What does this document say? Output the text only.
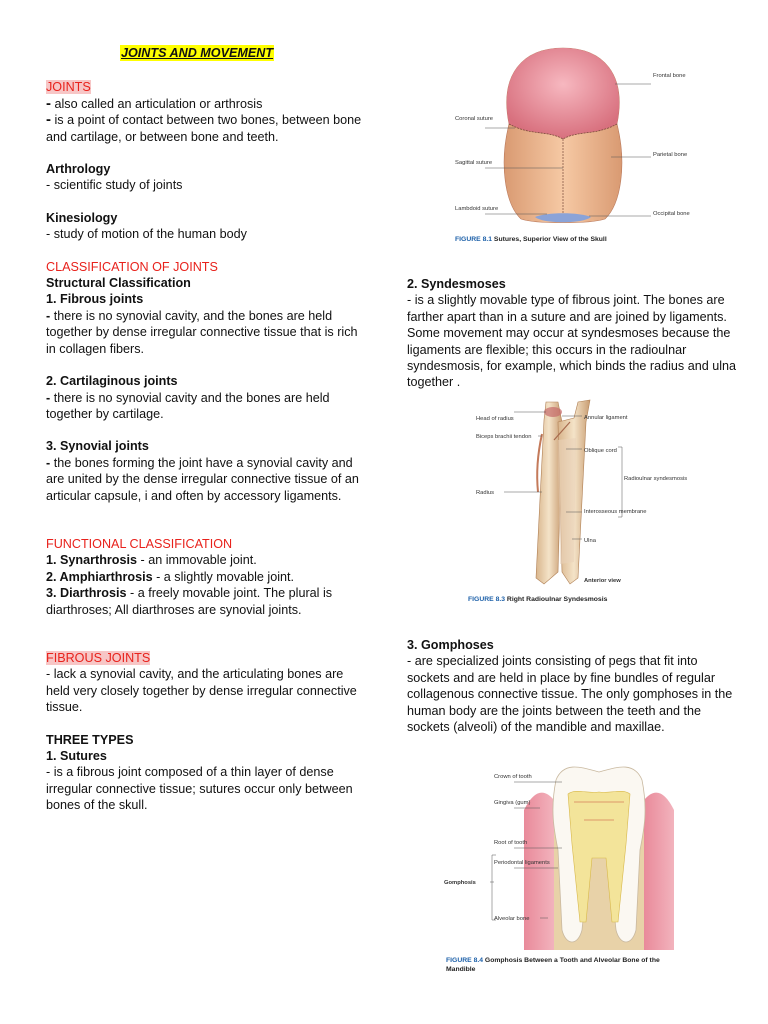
JOINTS AND MOVEMENT

JOINTS

- also called an articulation or arthrosis

- is a point of contact between two bones, between bone and cartilage, or between bone and teeth.

Arthrology

- scientific study of joints

Kinesiology

- study of motion of the human body

CLASSIFICATION OF JOINTS

Structural Classification

1. Fibrous joints

- there is no synovial cavity, and the bones are held together by dense irregular connective tissue that is rich in collagen fibers.

2. Cartilaginous joints

- there is no synovial cavity and the bones are held together by cartilage.

3. Synovial joints

- the bones forming the joint have a synovial cavity and are united by the dense irregular connective tissue of an articular capsule, i and often by accessory ligaments.

FUNCTIONAL CLASSIFICATION

1. Synarthrosis - an immovable joint.

2. Amphiarthrosis - a slightly movable joint.

3. Diarthrosis - a freely movable joint. The plural is diarthroses; All diarthroses are synovial joints.

FIBROUS JOINTS

- lack a synovial cavity, and the articulating bones are held very closely together by dense irregular connective tissue.

THREE TYPES

1. Sutures

- is a fibrous joint composed of a thin layer of dense irregular connective tissue; sutures occur only between bones of the skull.

Frontal bone
Coronal suture
Sagittal suture
Parietal bone
Lambdoid suture
Occipital bone
FIGURE 8.1 Sutures, Superior View of the Skull

2. Syndesmoses

- is a slightly movable type of fibrous joint. The bones are farther apart than in a suture and are joined by ligaments. Some movement may occur at syndesmoses because the ligaments are flexible; this occurs in the radioulnar syndesmosis, for example, which binds the radius and ulna together .

Head of radius	Annular ligament
Biceps brachii tendon
Oblique cord
Radius
Interosseous membrane
Ulna
Radioulnar syndesmosis
Anterior view
FIGURE 8.3 Right Radioulnar Syndesmosis

3. Gomphoses

- are specialized joints consisting of pegs that fit into sockets and are held in place by fine bundles of regular collagenous connective tissue. The only gomphoses in the human body are the joints between the teeth and the sockets (alveoli) of the mandible and maxillae.

Crown of tooth
Gingiva (gum)
Root of tooth
Periodontal ligaments
Gomphosis
Alveolar bone
FIGURE 8.4 Gomphosis Between a Tooth and Alveolar Bone of the Mandible
